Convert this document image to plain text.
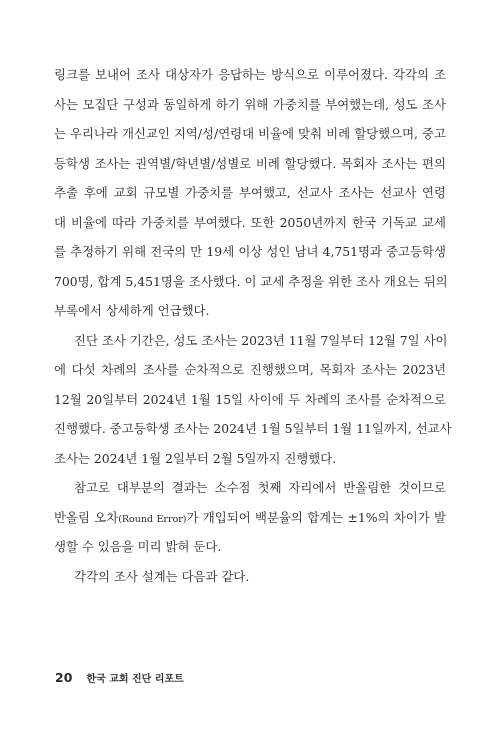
링크를 보내어 조사 대상자가 응답하는 방식으로 이루어졌다. 각각의 조
사는 모집단 구성과 동일하게 하기 위해 가중치를 부여했는데, 성도 조사
는 우리나라 개신교인 지역/성/연령대 비율에 맞춰 비례 할당했으며, 중고
등학생 조사는 권역별/학년별/성별로 비례 할당했다. 목회자 조사는 편의
추출 후에 교회 규모별 가중치를 부여했고, 선교사 조사는 선교사 연령
대 비율에 따라 가중치를 부여했다. 또한 2050년까지 한국 기독교 교세
를 추정하기 위해 전국의 만 19세 이상 성인 남녀 4,751명과 중고등학생
700명, 합계 5,451명을 조사했다. 이 교세 추정을 위한 조사 개요는 뒤의
부록에서 상세하게 언급했다.

진단 조사 기간은, 성도 조사는 2023년 11월 7일부터 12월 7일 사이
에 다섯 차례의 조사를 순차적으로 진행했으며, 목회자 조사는 2023년
12월 20일부터 2024년 1월 15일 사이에 두 차례의 조사를 순차적으로
진행했다. 중고등학생 조사는 2024년 1월 5일부터 1월 11일까지, 선교사
조사는 2024년 1월 2일부터 2월 5일까지 진행했다.

참고로 대부분의 결과는 소수점 첫째 자리에서 반올림한 것이므로
반올림 오차(Round Error)가 개입되어 백분율의 합계는 ±1%의 차이가 발
생할 수 있음을 미리 밝혀 둔다.

각각의 조사 설계는 다음과 같다.

20 한국 교회 진단 리포트
